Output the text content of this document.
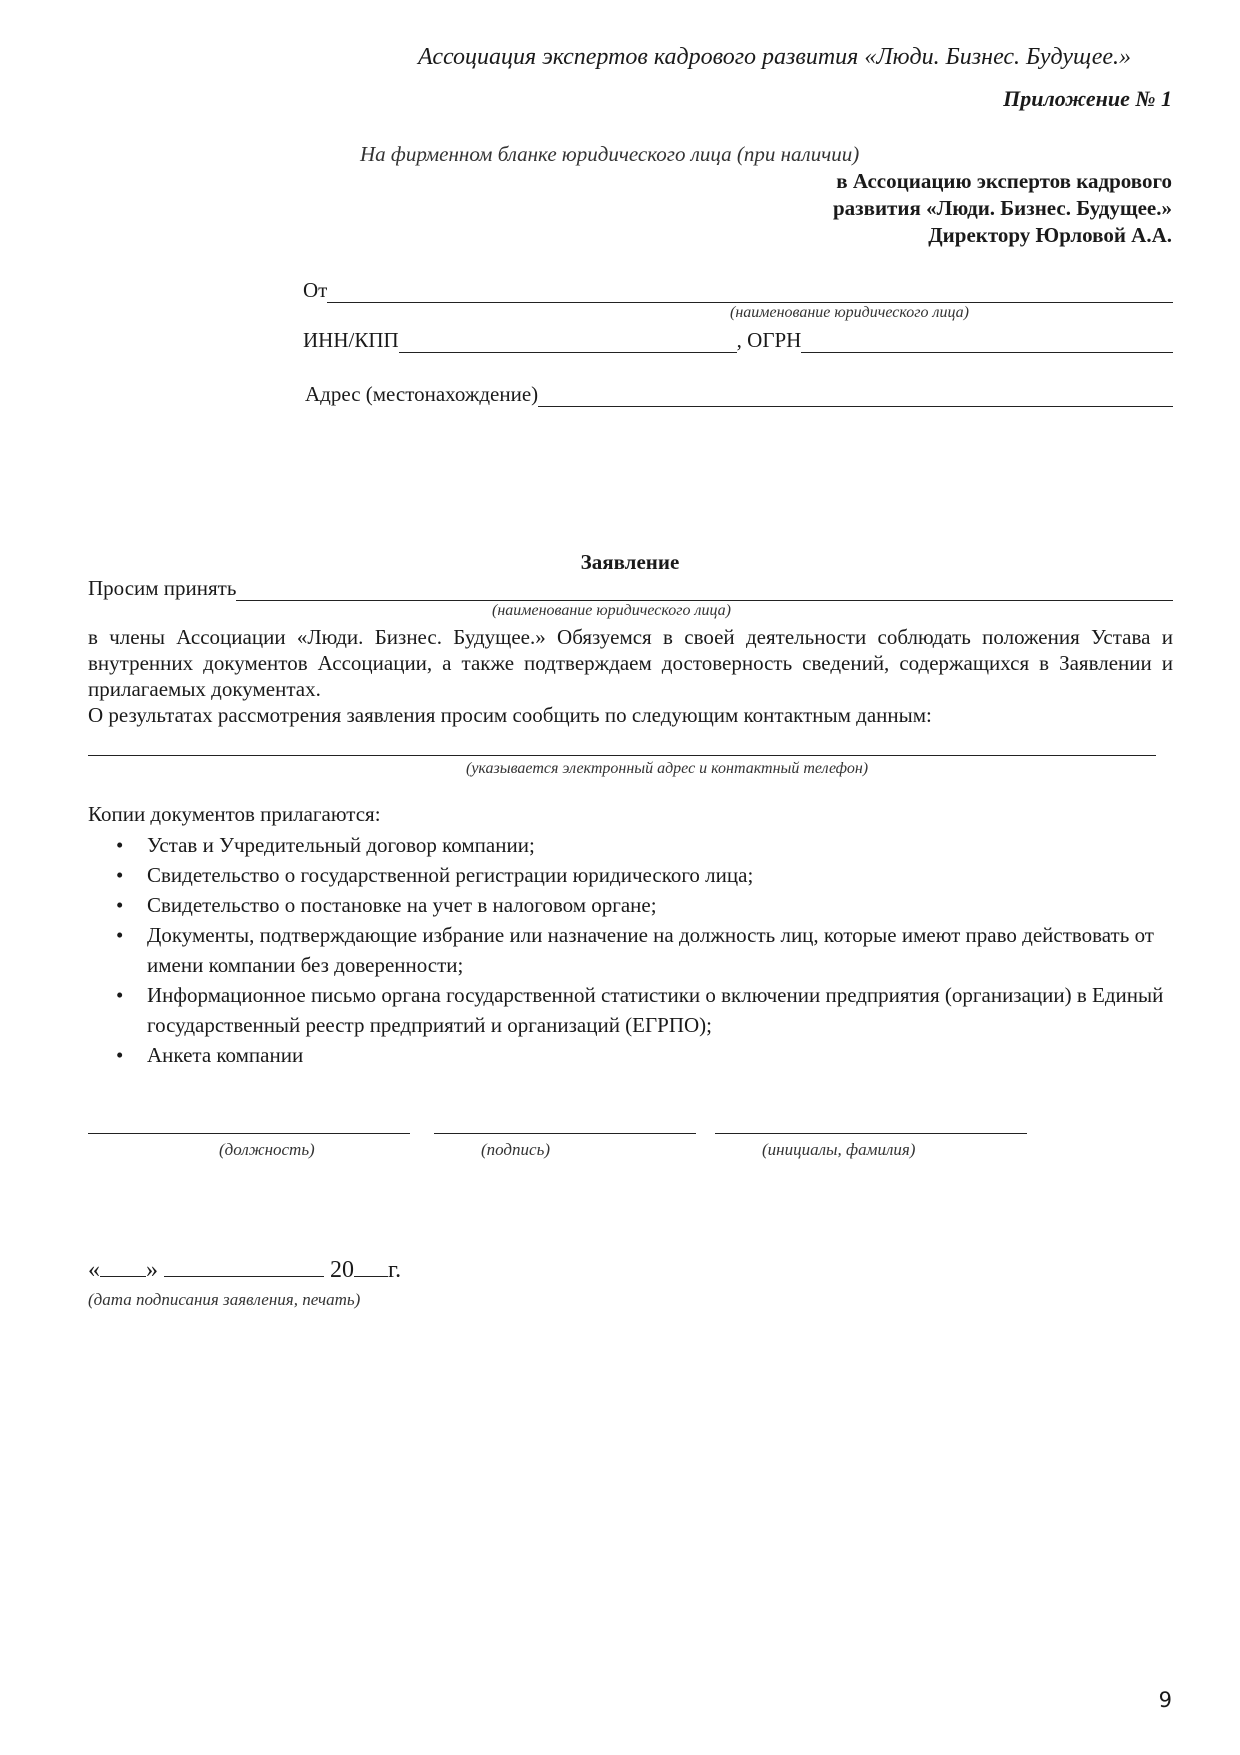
Ассоциация экспертов кадрового развития «Люди. Бизнес. Будущее.»
Приложение № 1
На фирменном бланке юридического лица (при наличии)
в Ассоциацию экспертов кадрового
развития «Люди. Бизнес. Будущее.»
Директору Юрловой А.А.
От
(наименование юридического лица)
ИНН/КПП	, ОГРН
Адрес (местонахождение)
Заявление
Просим принять
(наименование юридического лица)

в члены Ассоциации «Люди. Бизнес. Будущее.» Обязуемся в своей деятельности соблюдать положения Устава и внутренних документов Ассоциации, а также подтверждаем достоверность сведений, содержащихся в Заявлении и прилагаемых документах.

О результатах рассмотрения заявления просим сообщить по следующим контактным данным:

(указывается электронный адрес и контактный телефон)
Копии документов прилагаются:
• Устав и Учредительный договор компании;
• Свидетельство о государственной регистрации юридического лица;
• Свидетельство о постановке на учет в налоговом органе;
• Документы, подтверждающие избрание или назначение на должность лиц, которые имеют право действовать от имени компании без доверенности;
• Информационное письмо органа государственной статистики о включении предприятия (организации) в Единый государственный реестр предприятий и организаций (ЕГРПО);
• Анкета компании
(должность)	(подпись)	(инициалы, фамилия)
« »	20 г.
(дата подписания заявления, печать)
9
